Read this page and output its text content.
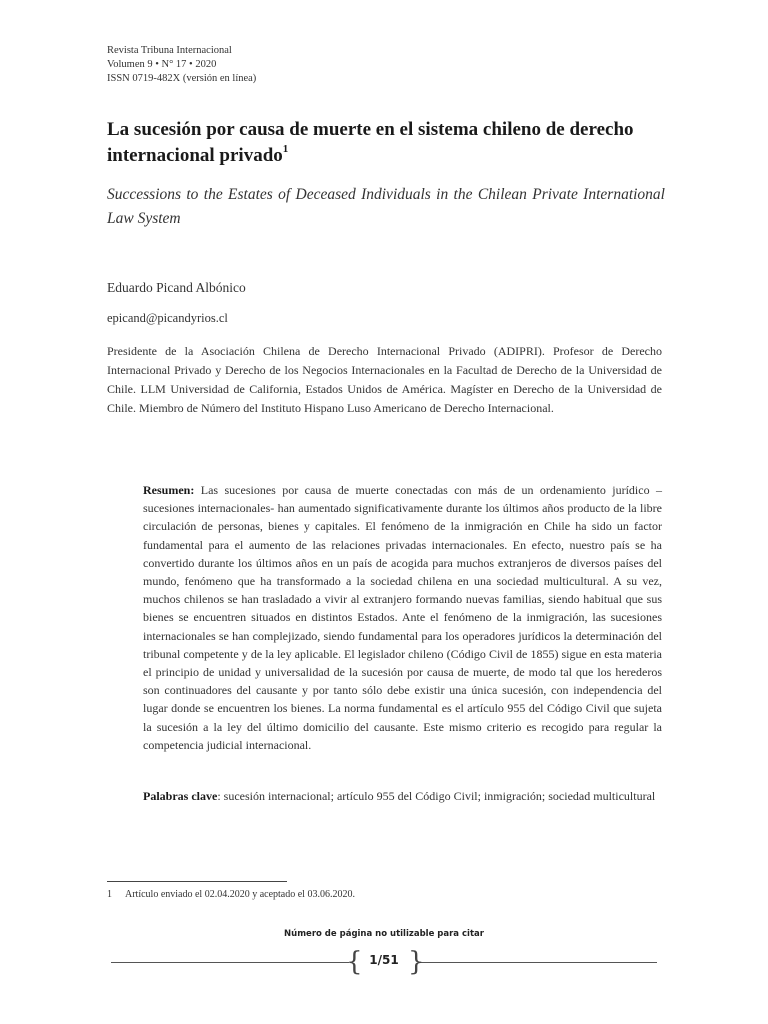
Revista Tribuna Internacional
Volumen 9 • N° 17 • 2020
ISSN 0719-482X (versión en línea)
La sucesión por causa de muerte en el sistema chileno de derecho internacional privado$^1$
Successions to the Estates of Deceased Individuals in the Chilean Private International Law System
Eduardo Picand Albónico
epicand@picandyrios.cl
Presidente de la Asociación Chilena de Derecho Internacional Privado (ADIPRI). Profesor de Derecho Internacional Privado y Derecho de los Negocios Internacionales en la Facultad de Derecho de la Universidad de Chile. LLM Universidad de California, Estados Unidos de América. Magíster en Derecho de la Universidad de Chile. Miembro de Número del Instituto Hispano Luso Americano de Derecho Internacional.
Resumen: Las sucesiones por causa de muerte conectadas con más de un ordenamiento jurídico –sucesiones internacionales- han aumentado significativamente durante los últimos años producto de la libre circulación de personas, bienes y capitales. El fenómeno de la inmigración en Chile ha sido un factor fundamental para el aumento de las relaciones privadas internacionales. En efecto, nuestro país se ha convertido durante los últimos años en un país de acogida para muchos extranjeros de diversos países del mundo, fenómeno que ha transformado a la sociedad chilena en una sociedad multicultural. A su vez, muchos chilenos se han trasladado a vivir al extranjero formando nuevas familias, siendo habitual que sus bienes se encuentren situados en distintos Estados. Ante el fenómeno de la inmigración, las sucesiones internacionales se han complejizado, siendo fundamental para los operadores jurídicos la determinación del tribunal competente y de la ley aplicable. El legislador chileno (Código Civil de 1855) sigue en esta materia el principio de unidad y universalidad de la sucesión por causa de muerte, de modo tal que los herederos son continuadores del causante y por tanto sólo debe existir una única sucesión, con independencia del lugar donde se encuentren los bienes. La norma fundamental es el artículo 955 del Código Civil que sujeta la sucesión a la ley del último domicilio del causante. Este mismo criterio es recogido para regular la competencia judicial internacional.
Palabras clave: sucesión internacional; artículo 955 del Código Civil; inmigración; sociedad multicultural
1 Artículo enviado el 02.04.2020 y aceptado el 03.06.2020.
Número de página no utilizable para citar
{ }
1/51
